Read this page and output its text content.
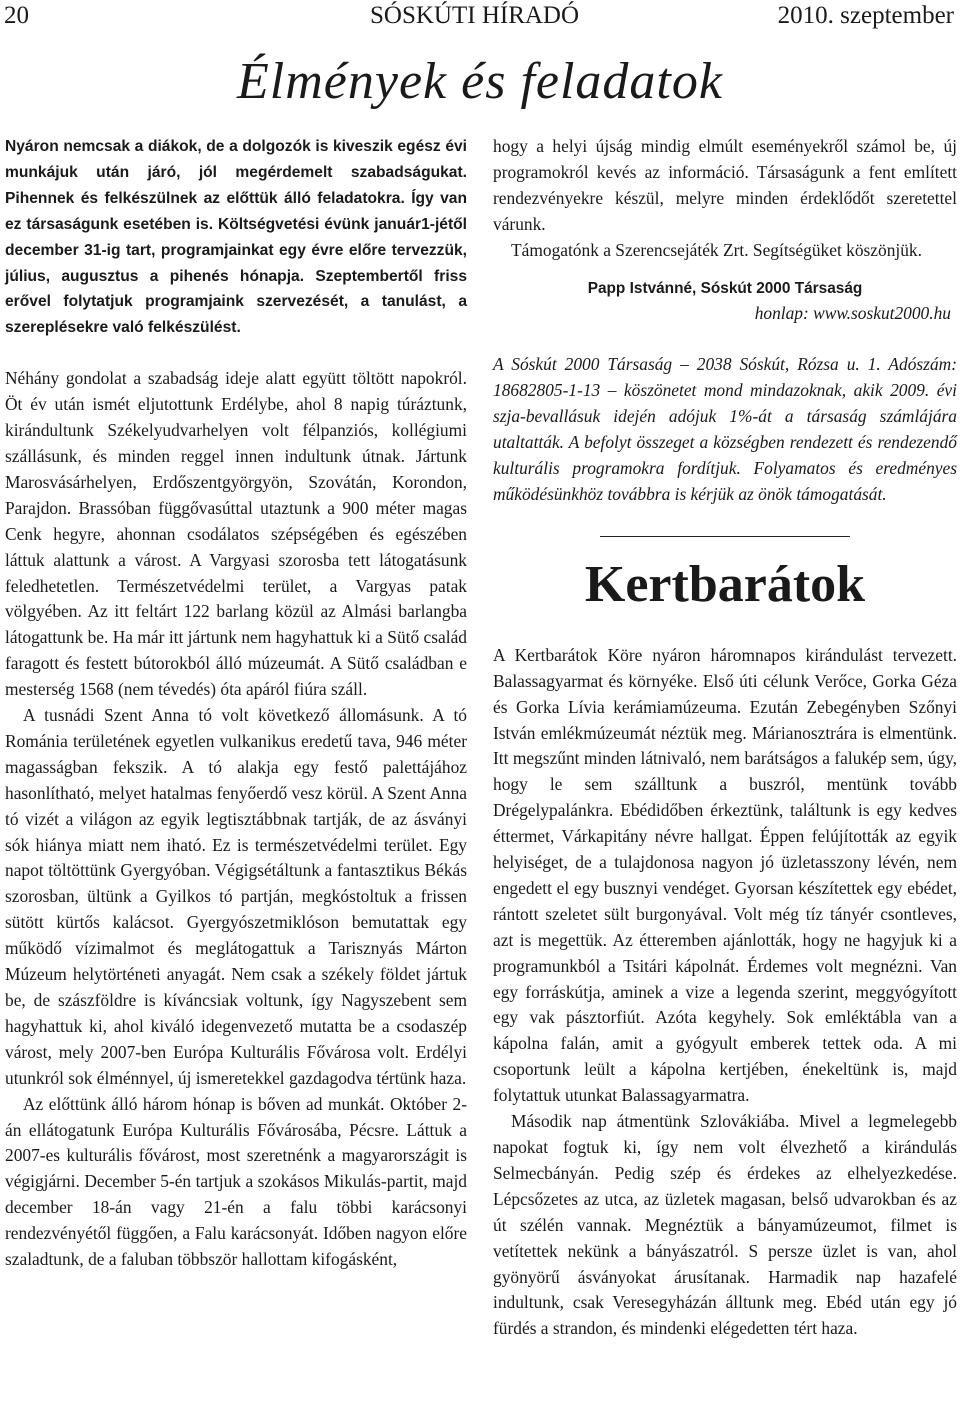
20	SÓSKÚTI HÍRADÓ	2010. szeptember
Élmények és feladatok

Nyáron nemcsak a diákok, de a dolgozók is kiveszik egész évi munkájuk után járó, jól megérdemelt szabadságukat. Pihennek és felkészülnek az előttük álló feladatokra. Így van ez társaságunk esetében is. Költségvetési évünk január1-jétől december 31-ig tart, programjainkat egy évre előre tervezzük, július, augusztus a pihenés hónapja. Szeptembertől friss erővel folytatjuk programjaink szervezését, a tanulást, a szereplésekre való felkészülést.

Néhány gondolat a szabadság ideje alatt együtt töltött napokról. Öt év után ismét eljutottunk Erdélybe, ahol 8 napig túráztunk, kirándultunk Székelyudvarhelyen volt félpanziós, kollégiumi szállásunk, és minden reggel innen indultunk útnak. Jártunk Marosvásárhelyen, Erdőszentgyörgyön, Szovátán, Korondon, Parajdon. Brassóban függővasúttal utaztunk a 900 méter magas Cenk hegyre, ahonnan csodálatos szépségében és egészében láttuk alattunk a várost. A Vargyasi szorosba tett látogatásunk feledhetetlen. Természetvédelmi terület, a Vargyas patak völgyében. Az itt feltárt 122 barlang közül az Almási barlangba látogattunk be. Ha már itt jártunk nem hagyhattuk ki a Sütő család faragott és festett bútorokból álló múzeumát. A Sütő családban e mesterség 1568 (nem tévedés) óta apáról fiúra száll.

A tusnádi Szent Anna tó volt következő állomásunk. A tó Románia területének egyetlen vulkanikus eredetű tava, 946 méter magasságban fekszik. A tó alakja egy festő palettájához hasonlítható, melyet hatalmas fenyőerdő vesz körül. A Szent Anna tó vizét a világon az egyik legtisztábbnak tartják, de az ásványi sók hiánya miatt nem iható. Ez is természetvédelmi terület. Egy napot töltöttünk Gyergyóban. Végigsétáltunk a fantasztikus Békás szorosban, ültünk a Gyilkos tó partján, megkóstoltuk a frissen sütött kürtős kalácsot. Gyergyószetmiklóson bemutattak egy működő vízimalmot és meglátogattuk a Tarisznyás Márton Múzeum helytörténeti anyagát. Nem csak a székely földet jártuk be, de szászföldre is kíváncsiak voltunk, így Nagyszebent sem hagyhattuk ki, ahol kiváló idegenvezető mutatta be a csodaszép várost, mely 2007-ben Európa Kulturális Fővárosa volt. Erdélyi utunkról sok élménnyel, új ismeretekkel gazdagodva tértünk haza.

Az előttünk álló három hónap is bőven ad munkát. Október 2-án ellátogatunk Európa Kulturális Fővárosába, Pécsre. Láttuk a 2007-es kulturális fővárost, most szeretnénk a magyarországit is végigjárni. December 5-én tartjuk a szokásos Mikulás-partit, majd december 18-án vagy 21-én a falu többi karácsonyi rendezvényétől függően, a Falu karácsonyát. Időben nagyon előre szaladtunk, de a faluban többször hallottam kifogásként,

hogy a helyi újság mindig elmúlt eseményekről számol be, új programokról kevés az információ. Társaságunk a fent említett rendezvényekre készül, melyre minden érdeklődőt szeretettel várunk.

Támogatónk a Szerencsejáték Zrt. Segítségüket köszönjük.

Papp Istvánné, Sóskút 2000 Társaság

honlap: www.soskut2000.hu

A Sóskút 2000 Társaság – 2038 Sóskút, Rózsa u. 1. Adószám: 18682805-1-13 – köszönetet mond mindazoknak, akik 2009. évi szja-bevallásuk idején adójuk 1%-át a társaság számlájára utaltatták. A befolyt összeget a községben rendezett és rendezendő kulturális programokra fordítjuk. Folyamatos és eredményes működésünkhöz továbbra is kérjük az önök támogatását.

Kertbarátok

A Kertbarátok Köre nyáron háromnapos kirándulást tervezett. Balassagyarmat és környéke. Első úti célunk Verőce, Gorka Géza és Gorka Lívia kerámiamúzeuma. Ezután Zebegényben Szőnyi István emlékmúzeumát néztük meg. Márianosztrára is elmentünk. Itt megszűnt minden látnivaló, nem barátságos a falukép sem, úgy, hogy le sem szálltunk a buszról, mentünk tovább Drégelypalánkra. Ebédidőben érkeztünk, találtunk is egy kedves éttermet, Várkapitány névre hallgat. Éppen felújították az egyik helyiséget, de a tulajdonosa nagyon jó üzletasszony lévén, nem engedett el egy busznyi vendéget. Gyorsan készítettek egy ebédet, rántott szeletet sült burgonyával. Volt még tíz tányér csontleves, azt is megettük. Az étteremben ajánlották, hogy ne hagyjuk ki a programunkból a Tsitári kápolnát. Érdemes volt megnézni. Van egy forráskútja, aminek a vize a legenda szerint, meggyógyított egy vak pásztorfiút. Azóta kegyhely. Sok emléktábla van a kápolna falán, amit a gyógyult emberek tettek oda. A mi csoportunk leült a kápolna kertjében, énekeltünk is, majd folytattuk utunkat Balassagyarmatra.

Második nap átmentünk Szlovákiába. Mivel a legmelegebb napokat fogtuk ki, így nem volt élvezhető a kirándulás Selmecbányán. Pedig szép és érdekes az elhelyezkedése. Lépcsőzetes az utca, az üzletek magasan, belső udvarokban és az út szélén vannak. Megnéztük a bányamúzeumot, filmet is vetítettek nekünk a bányászatról. S persze üzlet is van, ahol gyönyörű ásványokat árusítanak. Harmadik nap hazafelé indultunk, csak Veresegyházán álltunk meg. Ebéd után egy jó fürdés a strandon, és mindenki elégedetten tért haza.
